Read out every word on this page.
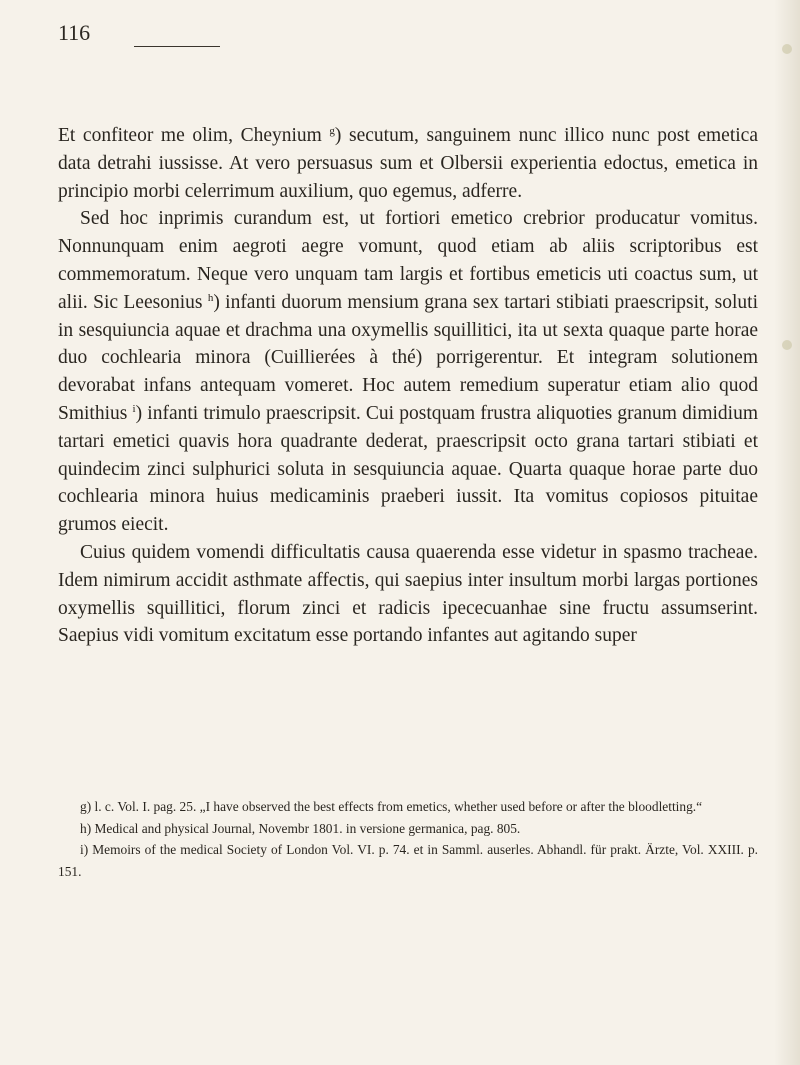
116

Et confiteor me olim, Cheynium $^g$) secutum, sanguinem nunc illico nunc post emetica data detrahi iussisse. At vero persuasus sum et Olbersii experientia edoctus, emetica in principio morbi celerrimum auxilium, quo egemus, adferre.

Sed hoc inprimis curandum est, ut fortiori emetico crebrior producatur vomitus. Nonnunquam enim aegroti aegre vomunt, quod etiam ab aliis scriptoribus est commemoratum. Neque vero unquam tam largis et fortibus emeticis uti coactus sum, ut alii. Sic Leesonius $^h$) infanti duorum mensium grana sex tartari stibiati praescripsit, soluti in sesquiuncia aquae et drachma una oxymellis squillitici, ita ut sexta quaque parte horae duo cochlearia minora (Cuillierées à thé) porrigerentur. Et integram solutionem devorabat infans antequam vomeret. Hoc autem remedium superatur etiam alio quod Smithius $^i$) infanti trimulo praescripsit. Cui postquam frustra aliquoties granum dimidium tartari emetici quavis hora quadrante dederat, praescripsit octo grana tartari stibiati et quindecim zinci sulphurici soluta in sesquiuncia aquae. Quarta quaque horae parte duo cochlearia minora huius medicaminis praeberi iussit. Ita vomitus copiosos pituitae grumos eiecit.

Cuius quidem vomendi difficultatis causa quaerenda esse videtur in spasmo tracheae. Idem nimirum accidit asthmate affectis, qui saepius inter insultum morbi largas portiones oxymellis squillitici, florum zinci et radicis ipececuanhae sine fructu assumserint. Saepius vidi vomitum excitatum esse portando infantes aut agitando super

g) l. c. Vol. I. pag. 25. „I have observed the best effects from emetics, whether used before or after the bloodletting.“

h) Medical and physical Journal, Novembr 1801. in versione germanica, pag. 805.

i) Memoirs of the medical Society of London Vol. VI. p. 74. et in Samml. auserles. Abhandl. für prakt. Ärzte, Vol. XXIII. p. 151.
